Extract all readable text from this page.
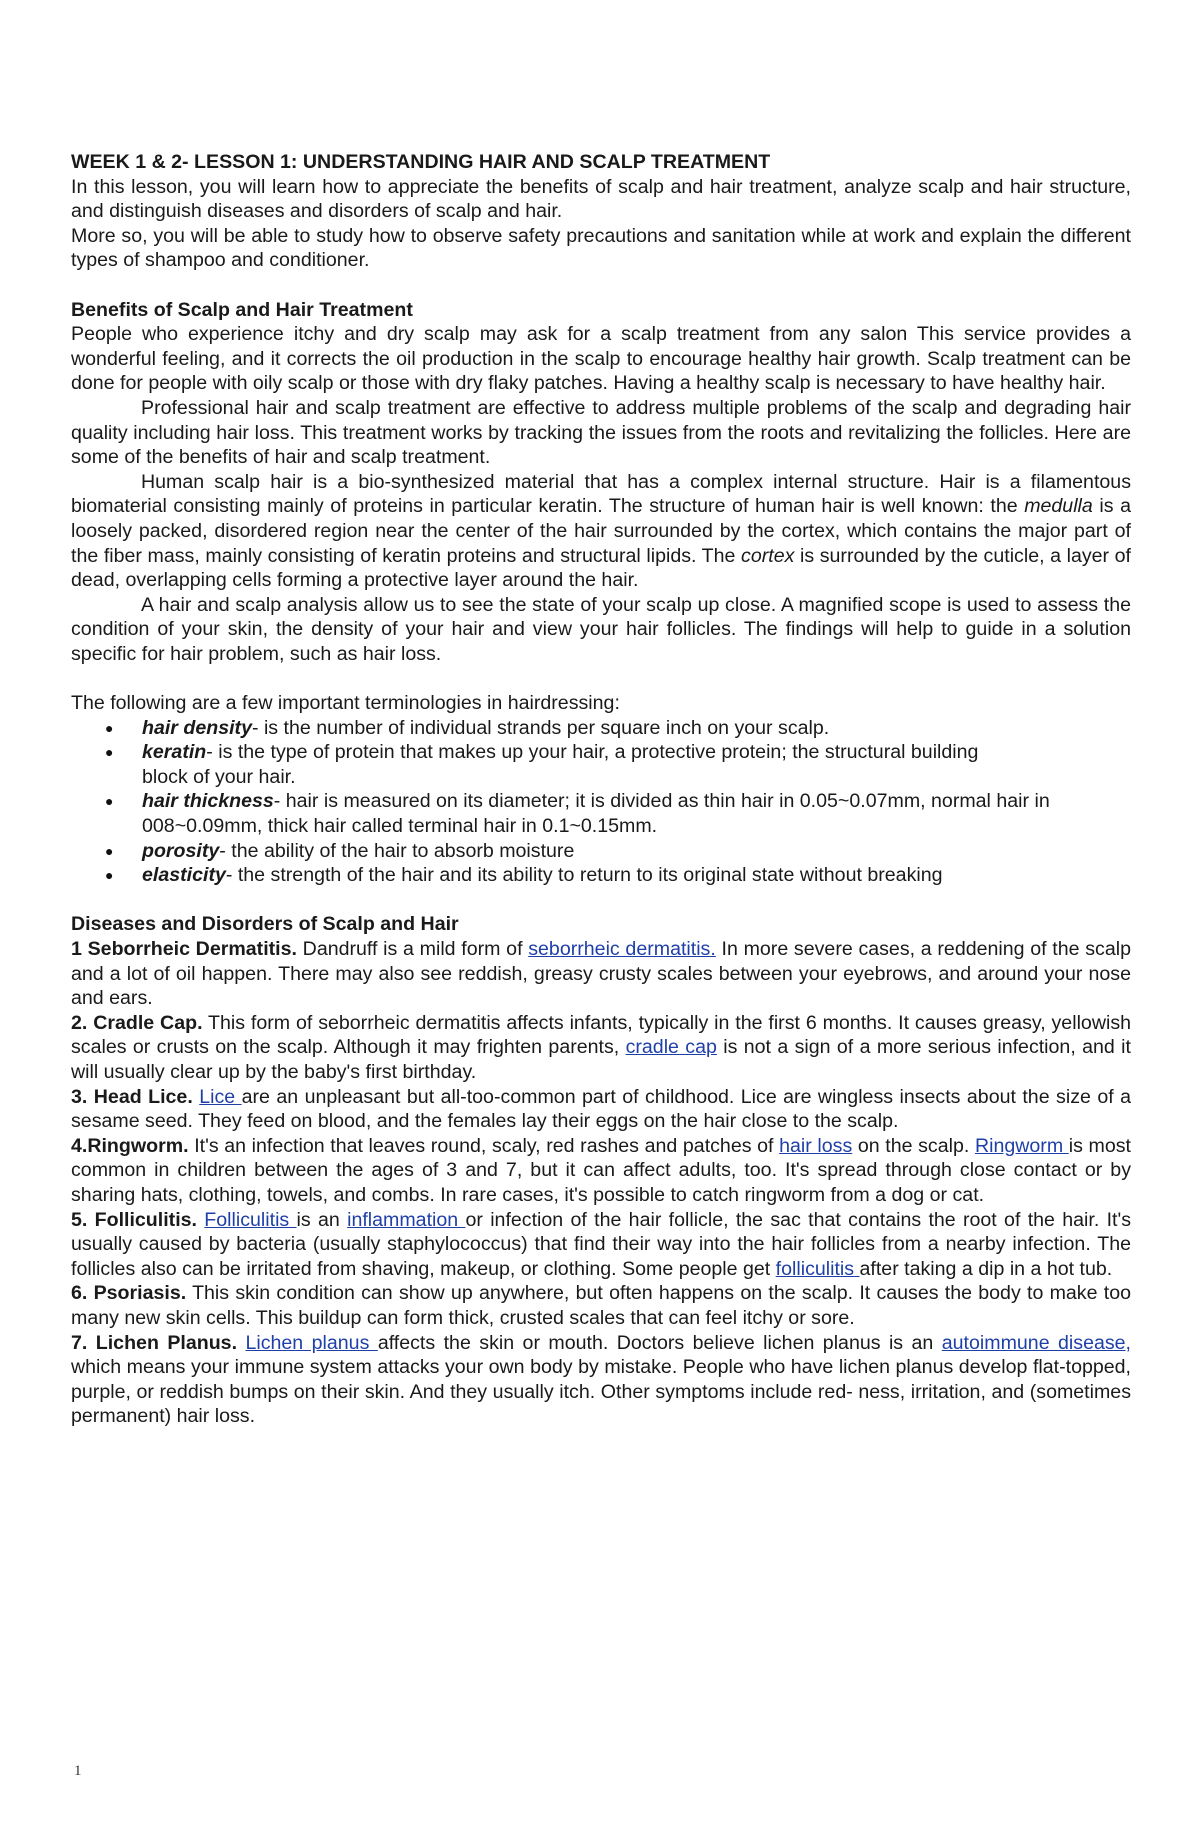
WEEK 1 & 2- LESSON 1: UNDERSTANDING HAIR AND SCALP TREATMENT

In this lesson, you will learn how to appreciate the benefits of scalp and hair treatment, analyze scalp and hair structure, and distinguish diseases and disorders of scalp and hair.

More so, you will be able to study how to observe safety precautions and sanitation while at work and explain the different types of shampoo and conditioner.

Benefits of Scalp and Hair Treatment

People who experience itchy and dry scalp may ask for a scalp treatment from any salon This service provides a wonderful feeling, and it corrects the oil production in the scalp to encourage healthy hair growth. Scalp treatment can be done for people with oily scalp or those with dry flaky patches. Having a healthy scalp is necessary to have healthy hair.

Professional hair and scalp treatment are effective to address multiple problems of the scalp and degrading hair quality including hair loss. This treatment works by tracking the issues from the roots and revitalizing the follicles. Here are some of the benefits of hair and scalp treatment.

Human scalp hair is a bio-synthesized material that has a complex internal structure. Hair is a filamentous biomaterial consisting mainly of proteins in particular keratin. The structure of human hair is well known: the medulla is a loosely packed, disordered region near the center of the hair surrounded by the cortex, which contains the major part of the fiber mass, mainly consisting of keratin proteins and structural lipids. The cortex is surrounded by the cuticle, a layer of dead, overlapping cells forming a protective layer around the hair.

A hair and scalp analysis allow us to see the state of your scalp up close. A magnified scope is used to assess the condition of your skin, the density of your hair and view your hair follicles. The findings will help to guide in a solution specific for hair problem, such as hair loss.

The following are a few important terminologies in hairdressing:

● hair density- is the number of individual strands per square inch on your scalp.
● keratin- is the type of protein that makes up your hair, a protective protein; the structural building block of your hair.
● hair thickness- hair is measured on its diameter; it is divided as thin hair in 0.05~0.07mm, normal hair in 008~0.09mm, thick hair called terminal hair in 0.1~0.15mm.
● porosity- the ability of the hair to absorb moisture
● elasticity- the strength of the hair and its ability to return to its original state without breaking

Diseases and Disorders of Scalp and Hair

1 Seborrheic Dermatitis. Dandruff is a mild form of seborrheic dermatitis. In more severe cases, a reddening of the scalp and a lot of oil happen. There may also see reddish, greasy crusty scales between your eyebrows, and around your nose and ears.

2. Cradle Cap. This form of seborrheic dermatitis affects infants, typically in the first 6 months. It causes greasy, yellowish scales or crusts on the scalp. Although it may frighten parents, cradle cap is not a sign of a more serious infection, and it will usually clear up by the baby's first birthday.

3. Head Lice. Lice are an unpleasant but all-too-common part of childhood. Lice are wingless insects about the size of a sesame seed. They feed on blood, and the females lay their eggs on the hair close to the scalp.

4.Ringworm. It's an infection that leaves round, scaly, red rashes and patches of hair loss on the scalp. Ringworm is most common in children between the ages of 3 and 7, but it can affect adults, too. It's spread through close contact or by sharing hats, clothing, towels, and combs. In rare cases, it's possible to catch ringworm from a dog or cat.

5. Folliculitis. Folliculitis is an inflammation or infection of the hair follicle, the sac that contains the root of the hair. It's usually caused by bacteria (usually staphylococcus) that find their way into the hair follicles from a nearby infection. The follicles also can be irritated from shaving, makeup, or clothing. Some people get folliculitis after taking a dip in a hot tub.

6. Psoriasis. This skin condition can show up anywhere, but often happens on the scalp. It causes the body to make too many new skin cells. This buildup can form thick, crusted scales that can feel itchy or sore.

7. Lichen Planus. Lichen planus affects the skin or mouth. Doctors believe lichen planus is an autoimmune disease, which means your immune system attacks your own body by mistake. People who have lichen planus develop flat-topped, purple, or reddish bumps on their skin. And they usually itch. Other symptoms include red- ness, irritation, and (sometimes permanent) hair loss.

1
